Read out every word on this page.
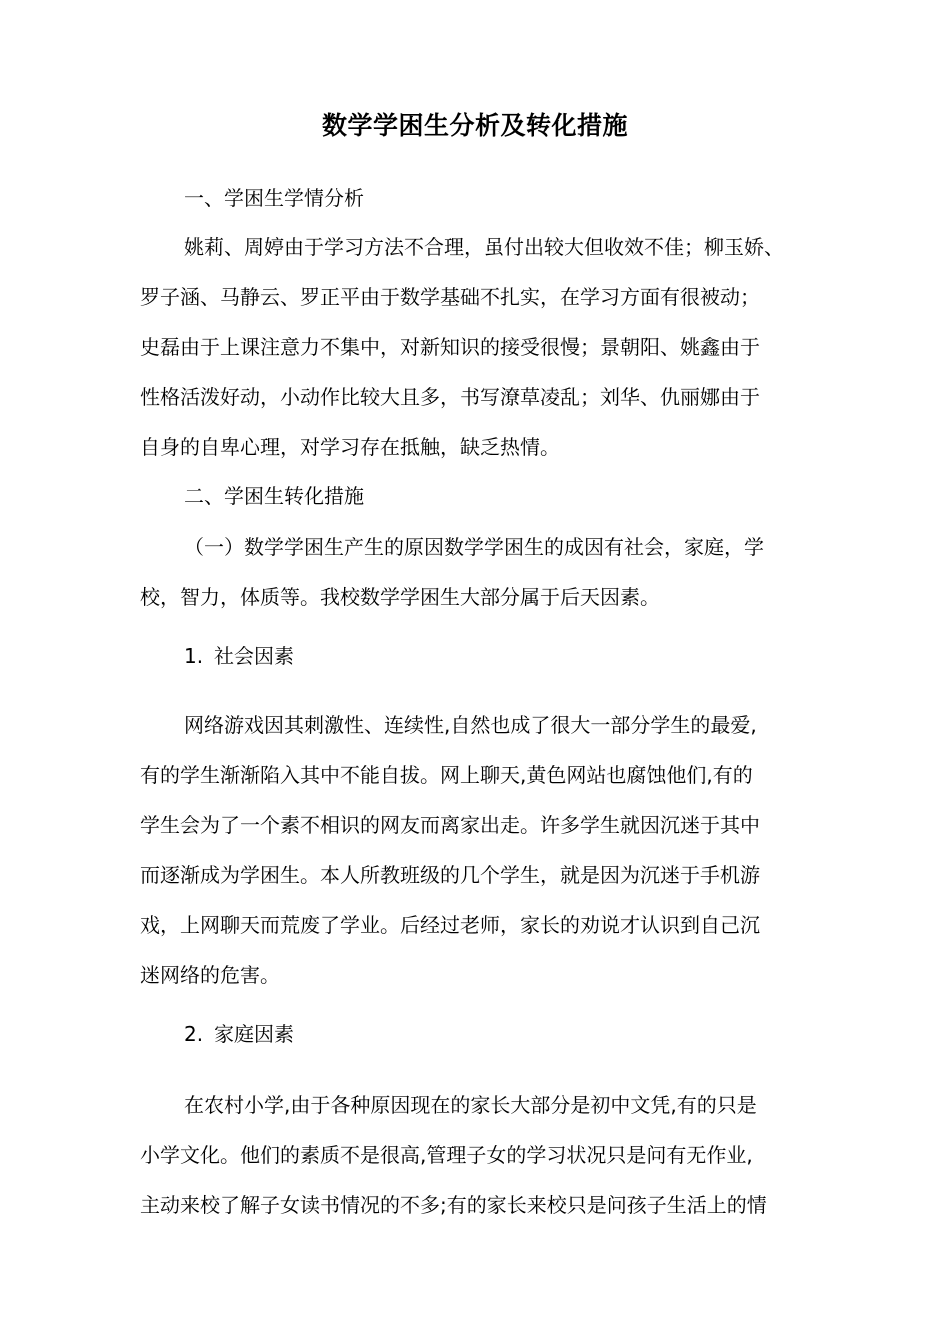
数学学困生分析及转化措施
一、学困生学情分析
姚莉、周婷由于学习方法不合理，虽付出较大但收效不佳；柳玉娇、
罗子涵、马静云、罗正平由于数学基础不扎实，在学习方面有很被动；
史磊由于上课注意力不集中，对新知识的接受很慢；景朝阳、姚鑫由于
性格活泼好动，小动作比较大且多，书写潦草凌乱；刘华、仇丽娜由于
自身的自卑心理，对学习存在抵触，缺乏热情。
二、学困生转化措施
（一）数学学困生产生的原因数学学困生的成因有社会，家庭，学
校，智力，体质等。我校数学学困生大部分属于后天因素。
1. 社会因素
网络游戏因其刺激性、连续性,自然也成了很大一部分学生的最爱,
有的学生渐渐陷入其中不能自拔。网上聊天,黄色网站也腐蚀他们,有的
学生会为了一个素不相识的网友而离家出走。许多学生就因沉迷于其中
而逐渐成为学困生。本人所教班级的几个学生，就是因为沉迷于手机游
戏，上网聊天而荒废了学业。后经过老师，家长的劝说才认识到自己沉
迷网络的危害。
2. 家庭因素
在农村小学,由于各种原因现在的家长大部分是初中文凭,有的只是
小学文化。他们的素质不是很高,管理子女的学习状况只是问有无作业,
主动来校了解子女读书情况的不多;有的家长来校只是问孩子生活上的情
